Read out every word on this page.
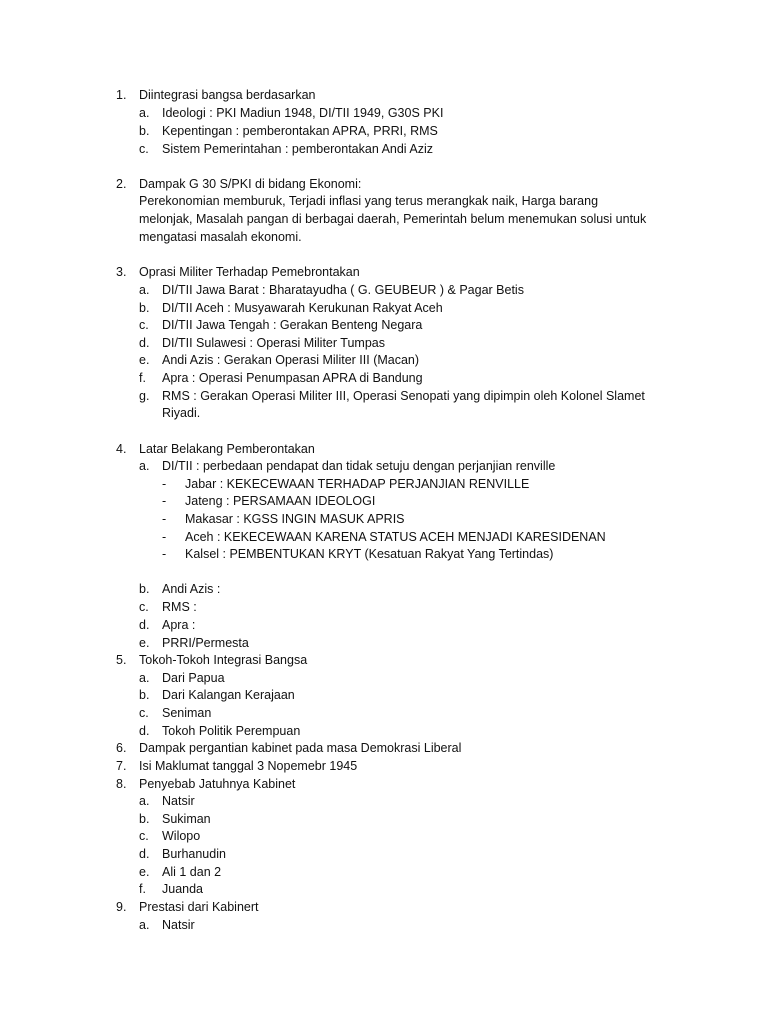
1. Diintegrasi bangsa berdasarkan
a. Ideologi : PKI Madiun 1948, DI/TII 1949, G30S PKI
b. Kepentingan : pemberontakan APRA, PRRI, RMS
c. Sistem Pemerintahan : pemberontakan Andi Aziz
2. Dampak G 30 S/PKI di bidang Ekonomi:
Perekonomian memburuk, Terjadi inflasi yang terus merangkak naik, Harga barang
melonjak, Masalah pangan di berbagai daerah, Pemerintah belum menemukan solusi untuk
mengatasi masalah ekonomi.
3. Oprasi Militer Terhadap Pemebrontakan
a. DI/TII Jawa Barat : Bharatayudha ( G. GEUBEUR ) & Pagar Betis
b. DI/TII Aceh : Musyawarah Kerukunan Rakyat Aceh
c. DI/TII Jawa Tengah : Gerakan Benteng Negara
d. DI/TII Sulawesi : Operasi Militer Tumpas
e. Andi Azis : Gerakan Operasi Militer III (Macan)
f. Apra : Operasi Penumpasan APRA di Bandung
g. RMS : Gerakan Operasi Militer III, Operasi Senopati yang dipimpin oleh Kolonel Slamet
Riyadi.
4. Latar Belakang Pemberontakan
a. DI/TII : perbedaan pendapat dan tidak setuju dengan perjanjian renville
- Jabar : KEKECEWAAN TERHADAP PERJANJIAN RENVILLE
- Jateng : PERSAMAAN IDEOLOGI
- Makasar : KGSS INGIN MASUK APRIS
- Aceh : KEKECEWAAN KARENA STATUS ACEH MENJADI KARESIDENAN
- Kalsel : PEMBENTUKAN KRYT (Kesatuan Rakyat Yang Tertindas)
b. Andi Azis :
c. RMS :
d. Apra :
e. PRRI/Permesta
5. Tokoh-Tokoh Integrasi Bangsa
a. Dari Papua
b. Dari Kalangan Kerajaan
c. Seniman
d. Tokoh Politik Perempuan
6. Dampak pergantian kabinet pada masa Demokrasi Liberal
7. Isi Maklumat tanggal 3 Nopemebr 1945
8. Penyebab Jatuhnya Kabinet
a. Natsir
b. Sukiman
c. Wilopo
d. Burhanudin
e. Ali 1 dan 2
f. Juanda
9. Prestasi dari Kabinert
a. Natsir
